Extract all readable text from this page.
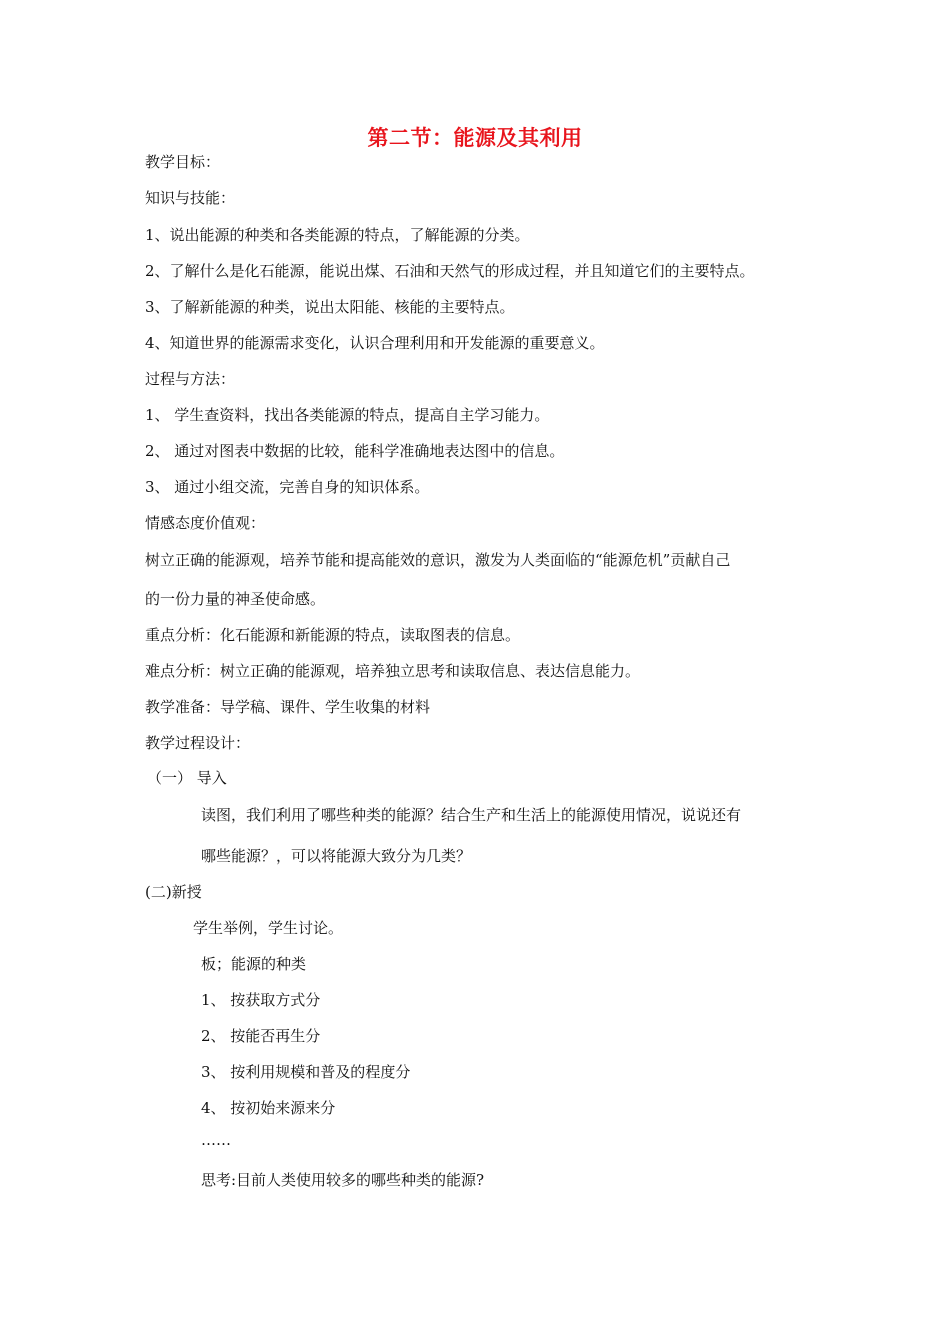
第二节：能源及其利用
教学目标：
知识与技能：
1、说出能源的种类和各类能源的特点，了解能源的分类。
2、了解什么是化石能源，能说出煤、石油和天然气的形成过程，并且知道它们的主要特点。
3、了解新能源的种类，说出太阳能、核能的主要特点。
4、知道世界的能源需求变化，认识合理利用和开发能源的重要意义。
过程与方法：
1、 学生查资料，找出各类能源的特点，提高自主学习能力。
2、 通过对图表中数据的比较，能科学准确地表达图中的信息。
3、 通过小组交流，完善自身的知识体系。
情感态度价值观：
树立正确的能源观，培养节能和提高能效的意识，激发为人类面临的“能源危机”贡献自己
的一份力量的神圣使命感。
重点分析：化石能源和新能源的特点，读取图表的信息。
难点分析：树立正确的能源观，培养独立思考和读取信息、表达信息能力。
教学准备：导学稿、课件、学生收集的材料
教学过程设计：
（一） 导入
读图，我们利用了哪些种类的能源？结合生产和生活上的能源使用情况，说说还有
哪些能源？，可以将能源大致分为几类？
(二)新授
学生举例，学生讨论。
板；能源的种类
1、 按获取方式分
2、 按能否再生分
3、 按利用规模和普及的程度分
4、 按初始来源来分
……
思考:目前人类使用较多的哪些种类的能源?
